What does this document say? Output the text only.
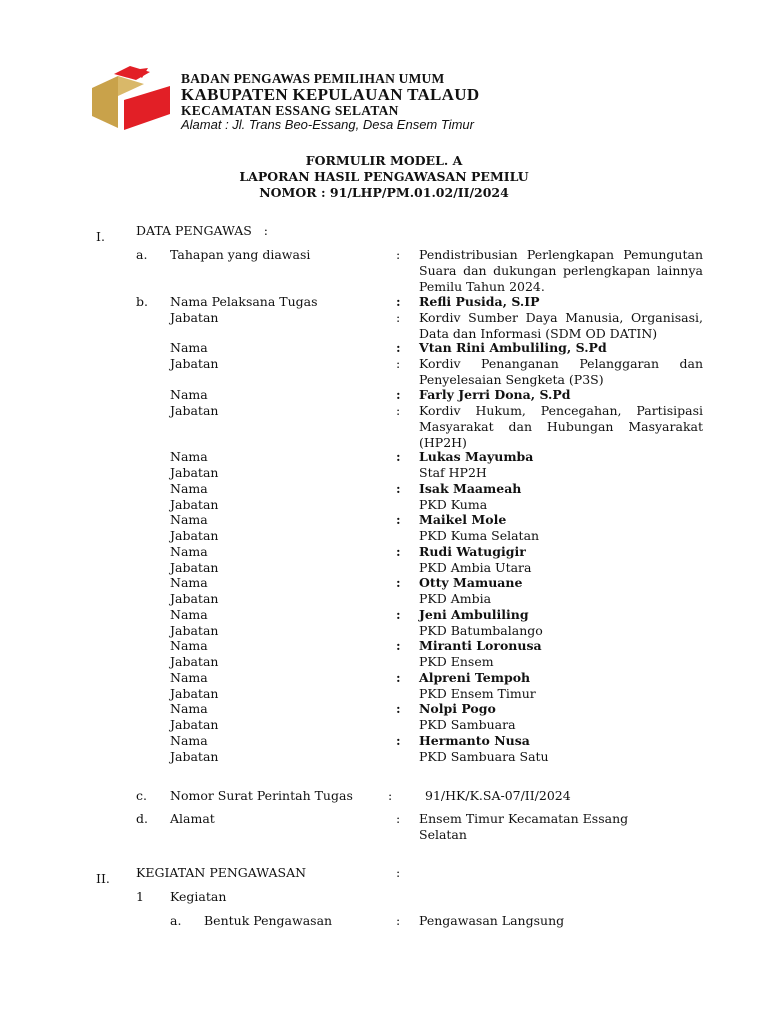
BADAN PENGAWAS PEMILIHAN UMUM
KABUPATEN KEPULAUAN TALAUD
KECAMATAN ESSANG SELATAN
Alamat : Jl. Trans Beo-Essang, Desa Ensem Timur
FORMULIR MODEL. A
LAPORAN HASIL PENGAWASAN PEMILU
NOMOR : 91/LHP/PM.01.02/II/2024
I. DATA PENGAWAS   :
a. Tahapan yang diawasi	: Pendistribusian Perlengkapan Pemungutan Suara dan dukungan perlengkapan lainnya Pemilu Tahun 2024.
b. Nama Pelaksana Tugas	: Refli Pusida, S.IP
Jabatan	: Kordiv Sumber Daya Manusia, Organisasi, Data dan Informasi (SDM OD DATIN)
Nama	: Vtan Rini Ambuliling, S.Pd
Jabatan	: Kordiv Penanganan Pelanggaran dan Penyelesaian Sengketa (P3S)
Nama	: Farly Jerri Dona, S.Pd
Jabatan	: Kordiv Hukum, Pencegahan, Partisipasi Masyarakat dan Hubungan Masyarakat (HP2H)
Nama	: Lukas Mayumba
Jabatan	Staf HP2H
Nama	: Isak Maameah
Jabatan	PKD Kuma
Nama	: Maikel Mole
Jabatan	PKD Kuma Selatan
Nama	: Rudi Watugigir
Jabatan	PKD Ambia Utara
Nama	: Otty Mamuane
Jabatan	PKD Ambia
Nama	: Jeni Ambuliling
Jabatan	PKD Batumbalango
Nama	: Miranti Loronusa
Jabatan	PKD Ensem
Nama	: Alpreni Tempoh
Jabatan	PKD Ensem Timur
Nama	: Nolpi Pogo
Jabatan	PKD Sambuara
Nama	: Hermanto Nusa
Jabatan	PKD Sambuara Satu
c. Nomor Surat Perintah Tugas	:	91/HK/K.SA-07/II/2024
d. Alamat	: Ensem Timur Kecamatan Essang Selatan
II. KEGIATAN PENGAWASAN	:
1 Kegiatan
a. Bentuk Pengawasan	: Pengawasan Langsung
